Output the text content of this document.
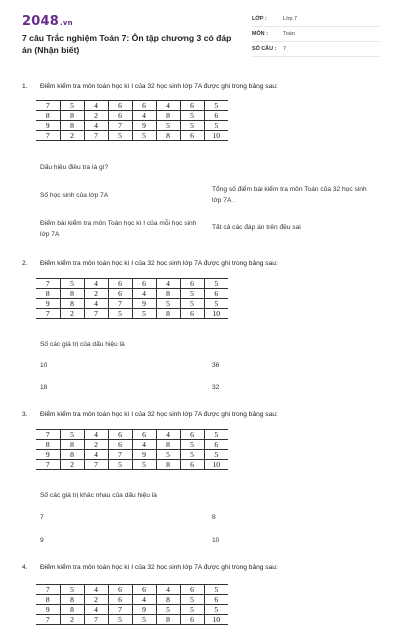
2048.vn
7 câu Trắc nghiệm Toán 7: Ôn tập chương 3 có đáp án (Nhận biết)
LỚP :	Lớp 7
MÔN :	Toán
SỐ CÂU :	7
1. Điểm kiểm tra môn toán học kì I của 32 học sinh lớp 7A được ghi trong bảng sau:
7	5	4	6	6	4	6	5
8	8	2	6	4	8	5	6
9	8	4	7	9	5	5	5
7	2	7	5	5	8	6	10
Dấu hiệu điều tra là gì?
Số học sinh của lớp 7A
Tổng số điểm bài kiểm tra môn Toán của 32 học sinh lớp 7A .
Điểm bài kiểm tra môn Toán học kì I của mỗi học sinh lớp 7A
Tất cả các đáp án trên đều sai
2. Điểm kiểm tra môn toán học kì I của 32 học sinh lớp 7A được ghi trong bảng sau:
7	5	4	6	6	4	6	5
8	8	2	6	4	8	5	6
9	8	4	7	9	5	5	5
7	2	7	5	5	8	6	10
Số các giá trị của dấu hiệu là
10	36
18	32
3. Điểm kiểm tra môn toán học kì I của 32 học sinh lớp 7A được ghi trong bảng sau:
7	5	4	6	6	4	6	5
8	8	2	6	4	8	5	6
9	8	4	7	9	5	5	5
7	2	7	5	5	8	6	10
Số các giá trị khác nhau của dấu hiệu là
7	8
9	10
4. Điểm kiểm tra môn toán học kì I của 32 học sinh lớp 7A được ghi trong bảng sau:
7	5	4	6	6	4	6	5
8	8	2	6	4	8	5	6
9	8	4	7	9	5	5	5
7	2	7	5	5	8	6	10
